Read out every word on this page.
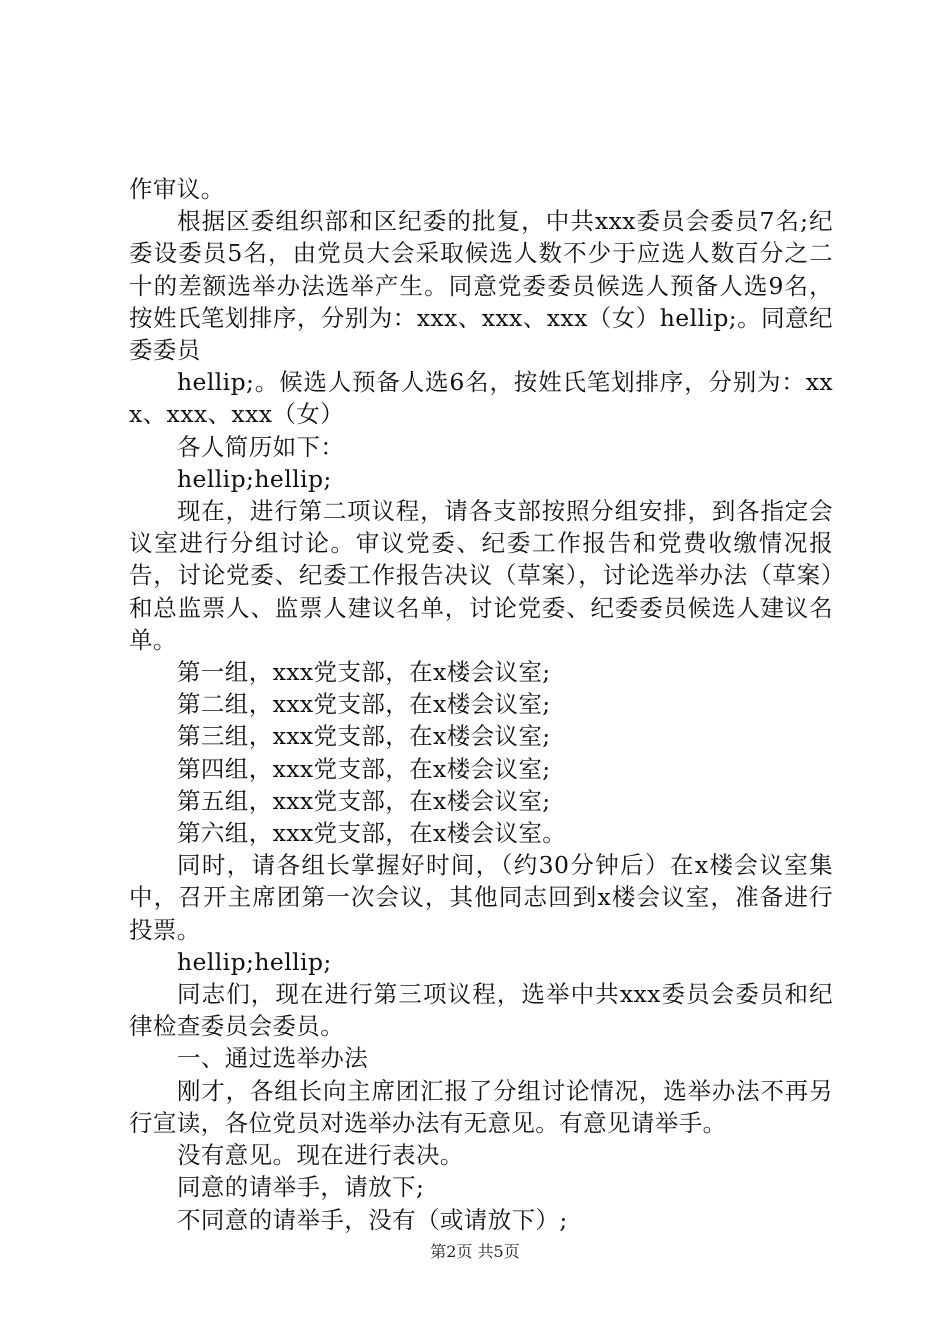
作审议。

根据区委组织部和区纪委的批复，中共xxx委员会委员7名;纪委设委员5名，由党员大会采取候选人数不少于应选人数百分之二十的差额选举办法选举产生。同意党委委员候选人预备人选9名，按姓氏笔划排序，分别为：xxx、xxx、xxx（女）hellip;。同意纪委委员

hellip;。候选人预备人选6名，按姓氏笔划排序，分别为：xxx、xxx、xxx（女）

各人简历如下：

hellip;hellip;

现在，进行第二项议程，请各支部按照分组安排，到各指定会议室进行分组讨论。审议党委、纪委工作报告和党费收缴情况报告，讨论党委、纪委工作报告决议（草案），讨论选举办法（草案）和总监票人、监票人建议名单，讨论党委、纪委委员候选人建议名单。

第一组，xxx党支部，在x楼会议室;

第二组，xxx党支部，在x楼会议室;

第三组，xxx党支部，在x楼会议室;

第四组，xxx党支部，在x楼会议室;

第五组，xxx党支部，在x楼会议室;

第六组，xxx党支部，在x楼会议室。

同时，请各组长掌握好时间，（约30分钟后）在x楼会议室集中，召开主席团第一次会议，其他同志回到x楼会议室，准备进行投票。

hellip;hellip;

同志们，现在进行第三项议程，选举中共xxx委员会委员和纪律检查委员会委员。

一、通过选举办法

刚才，各组长向主席团汇报了分组讨论情况，选举办法不再另行宣读，各位党员对选举办法有无意见。有意见请举手。

没有意见。现在进行表决。

同意的请举手，请放下;

不同意的请举手，没有（或请放下）;

第2页 共5页
